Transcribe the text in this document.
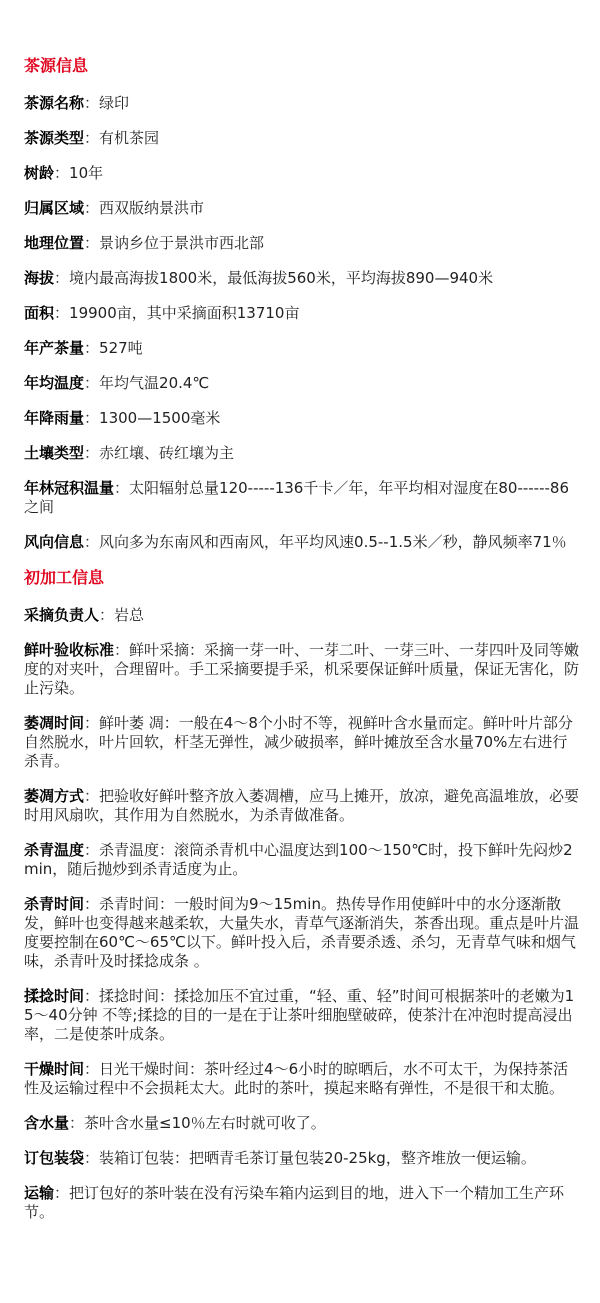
茶源信息
茶源名称：绿印
茶源类型：有机茶园
树龄：10年
归属区域：西双版纳景洪市
地理位置：景讷乡位于景洪市西北部
海拔：境内最高海拔1800米，最低海拔560米，平均海拔890—940米
面积：19900亩，其中采摘面积13710亩
年产茶量：527吨
年均温度：年均气温20.4℃
年降雨量：1300—1500毫米
土壤类型：赤红壤、砖红壤为主
年林冠积温量：太阳辐射总量120-----136千卡／年，年平均相对湿度在80------86之间
风向信息：风向多为东南风和西南风，年平均风速0.5--1.5米／秒，静风频率71％
初加工信息
采摘负责人：岩总
鲜叶验收标准：鲜叶采摘：采摘一芽一叶、一芽二叶、一芽三叶、一芽四叶及同等嫩度的对夹叶，合理留叶。手工采摘要提手采，机采要保证鲜叶质量，保证无害化，防止污染。
萎凋时间：鲜叶萎 凋：一般在4～8个小时不等，视鲜叶含水量而定。鲜叶叶片部分自然脱水，叶片回软，杆茎无弹性，减少破损率，鲜叶摊放至含水量70%左右进行杀青。
萎凋方式：把验收好鲜叶整齐放入萎凋槽，应马上摊开，放凉，避免高温堆放，必要时用风扇吹，其作用为自然脱水，为杀青做准备。
杀青温度：杀青温度：滚筒杀青机中心温度达到100～150℃时，投下鲜叶先闷炒2min，随后抛炒到杀青适度为止。
杀青时间：杀青时间：一般时间为9～15min。热传导作用使鲜叶中的水分逐渐散发，鲜叶也变得越来越柔软，大量失水，青草气逐渐消失，茶香出现。重点是叶片温度要控制在60℃～65℃以下。鲜叶投入后，杀青要杀透、杀匀，无青草气味和烟气味，杀青叶及时揉捻成条 。
揉捻时间：揉捻时间：揉捻加压不宜过重，“轻、重、轻”时间可根据茶叶的老嫩为15～40分钟 不等;揉捻的目的一是在于让茶叶细胞壁破碎，使茶汁在冲泡时提高浸出率，二是使茶叶成条。
干燥时间：日光干燥时间：茶叶经过4～6小时的晾晒后，水不可太干，为保持茶活性及运输过程中不会损耗太大。此时的茶叶，摸起来略有弹性，不是很干和太脆。
含水量：茶叶含水量≤10％左右时就可收了。
订包装袋：装箱订包装：把晒青毛茶订量包装20-25kg，整齐堆放一便运输。
运输：把订包好的茶叶装在没有污染车箱内运到目的地，进入下一个精加工生产环节。
